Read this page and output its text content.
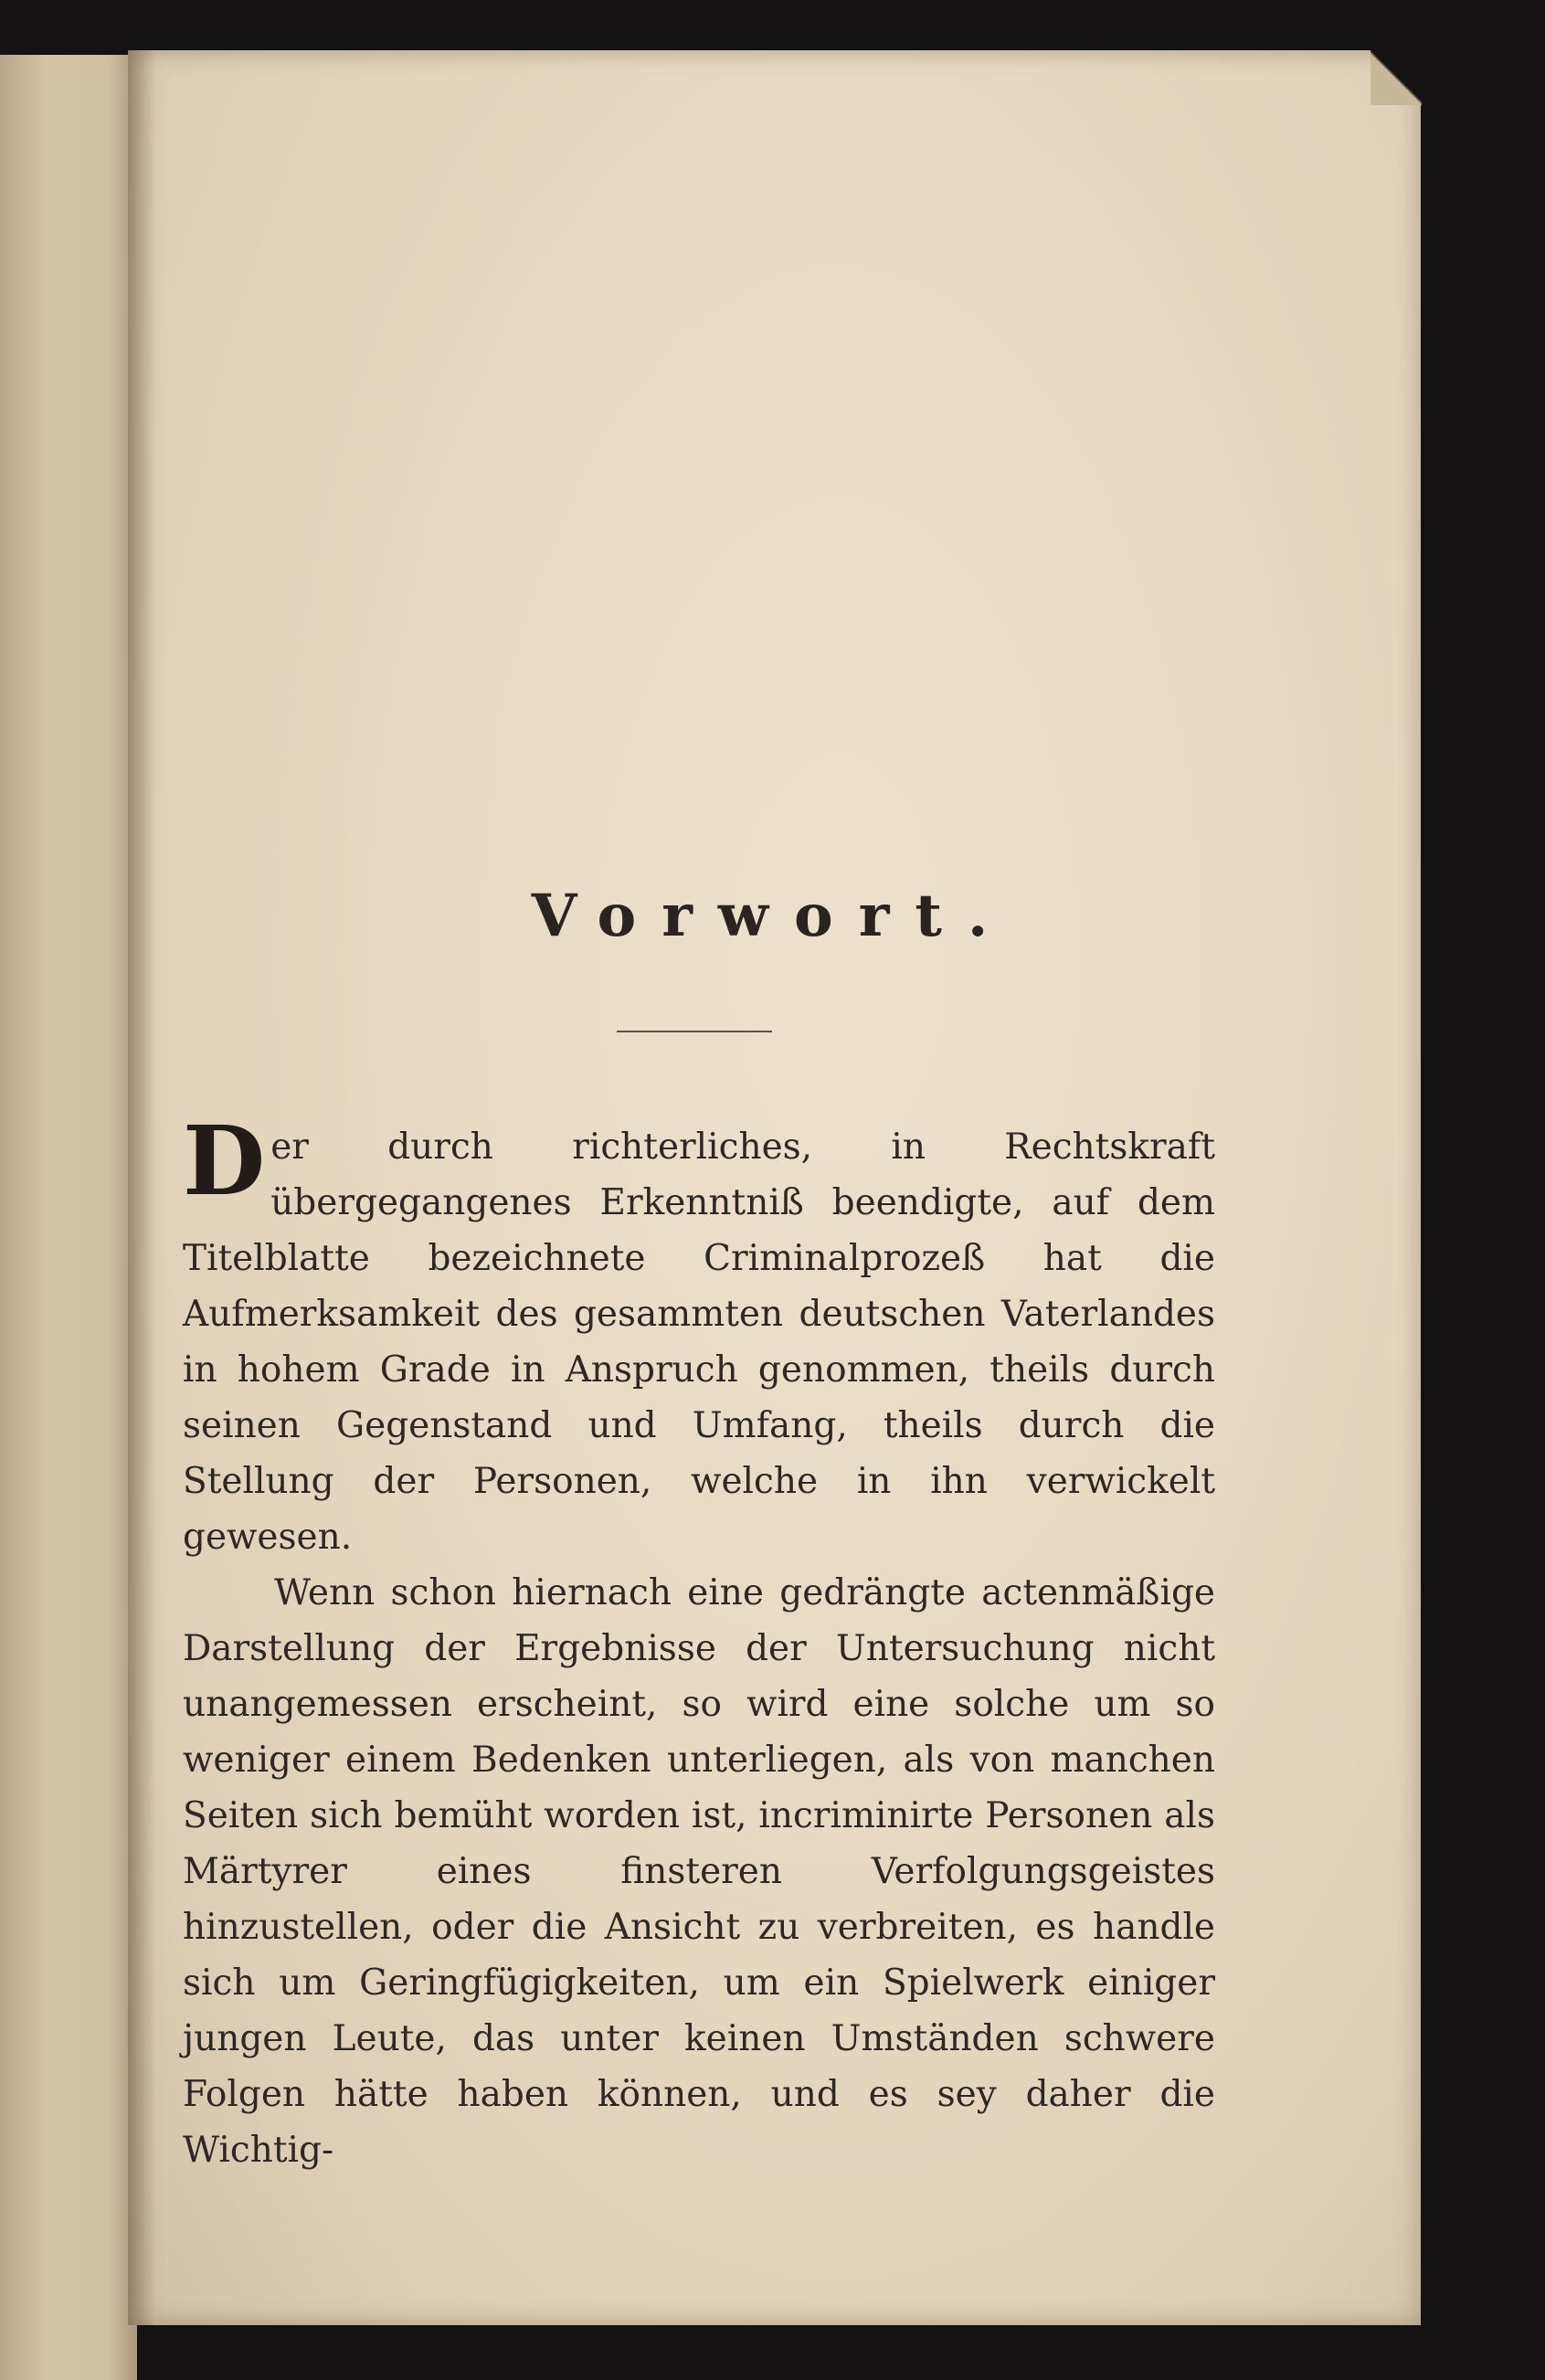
Vorwort.

Der durch richterliches, in Rechtskraft übergegangenes Erkenntniß beendigte, auf dem Titelblatte bezeichnete Criminalprozeß hat die Aufmerksamkeit des gesammten deutschen Vaterlandes in hohem Grade in Anspruch genommen, theils durch seinen Gegenstand und Umfang, theils durch die Stellung der Personen, welche in ihn verwickelt gewesen.

Wenn schon hiernach eine gedrängte actenmäßige Darstellung der Ergebnisse der Untersuchung nicht unangemessen erscheint, so wird eine solche um so weniger einem Bedenken unterliegen, als von manchen Seiten sich bemüht worden ist, incriminirte Personen als Märtyrer eines finsteren Verfolgungsgeistes hinzustellen, oder die Ansicht zu verbreiten, es handle sich um Geringfügigkeiten, um ein Spielwerk einiger jungen Leute, das unter keinen Umständen schwere Folgen hätte haben können, und es sey daher die Wichtig-
